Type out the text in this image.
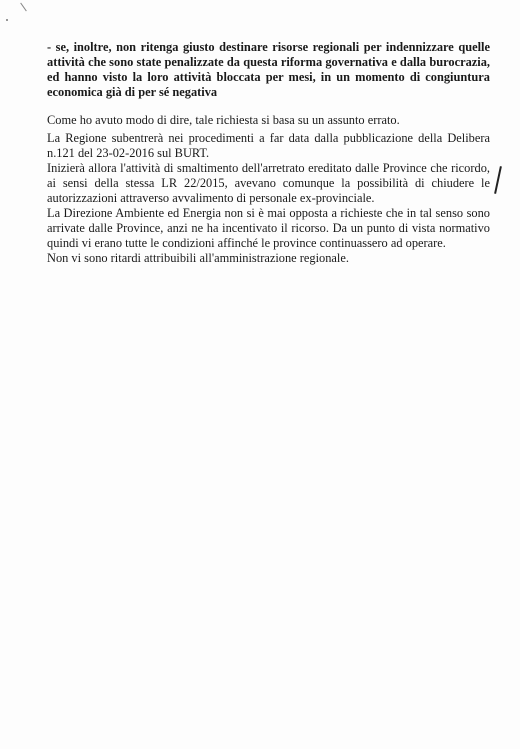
- se, inoltre, non ritenga giusto destinare risorse regionali per indennizzare quelle attività che sono state penalizzate da questa riforma governativa e dalla burocrazia, ed hanno visto la loro attività bloccata per mesi, in un momento di congiuntura economica già di per sé negativa

Come ho avuto modo di dire, tale richiesta si basa su un assunto errato.

La Regione subentrerà nei procedimenti a far data dalla pubblicazione della Delibera n.121 del 23-02-2016 sul BURT.

Inizierà allora l'attività di smaltimento dell'arretrato ereditato dalle Province che ricordo, ai sensi della stessa LR 22/2015, avevano comunque la possibilità di chiudere le autorizzazioni attraverso avvalimento di personale ex-provinciale.

La Direzione Ambiente ed Energia non si è mai opposta a richieste che in tal senso sono arrivate dalle Province, anzi ne ha incentivato il ricorso. Da un punto di vista normativo quindi vi erano tutte le condizioni affinché le province continuassero ad operare.

Non vi sono ritardi attribuibili all'amministrazione regionale.
